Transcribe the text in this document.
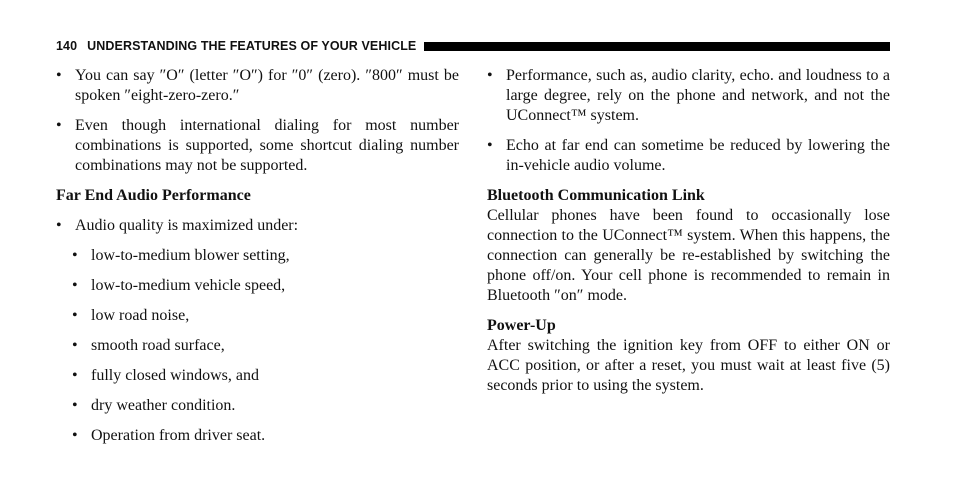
140 UNDERSTANDING THE FEATURES OF YOUR VEHICLE
• You can say ″O″ (letter ″O″) for ″0″ (zero). ″800″ must be spoken ″eight-zero-zero.″
• Even though international dialing for most number combinations is supported, some shortcut dialing number combinations may not be supported.

Far End Audio Performance

• Audio quality is maximized under:
• low-to-medium blower setting,
• low-to-medium vehicle speed,
• low road noise,
• smooth road surface,
• fully closed windows, and
• dry weather condition.
• Operation from driver seat.
• Performance, such as, audio clarity, echo. and loudness to a large degree, rely on the phone and network, and not the UConnect™ system.
• Echo at far end can sometime be reduced by lowering the in-vehicle audio volume.

Bluetooth Communication Link

Cellular phones have been found to occasionally lose connection to the UConnect™ system. When this happens, the connection can generally be re-established by switching the phone off/on. Your cell phone is recommended to remain in Bluetooth ″on″ mode.

Power-Up

After switching the ignition key from OFF to either ON or ACC position, or after a reset, you must wait at least five (5) seconds prior to using the system.
